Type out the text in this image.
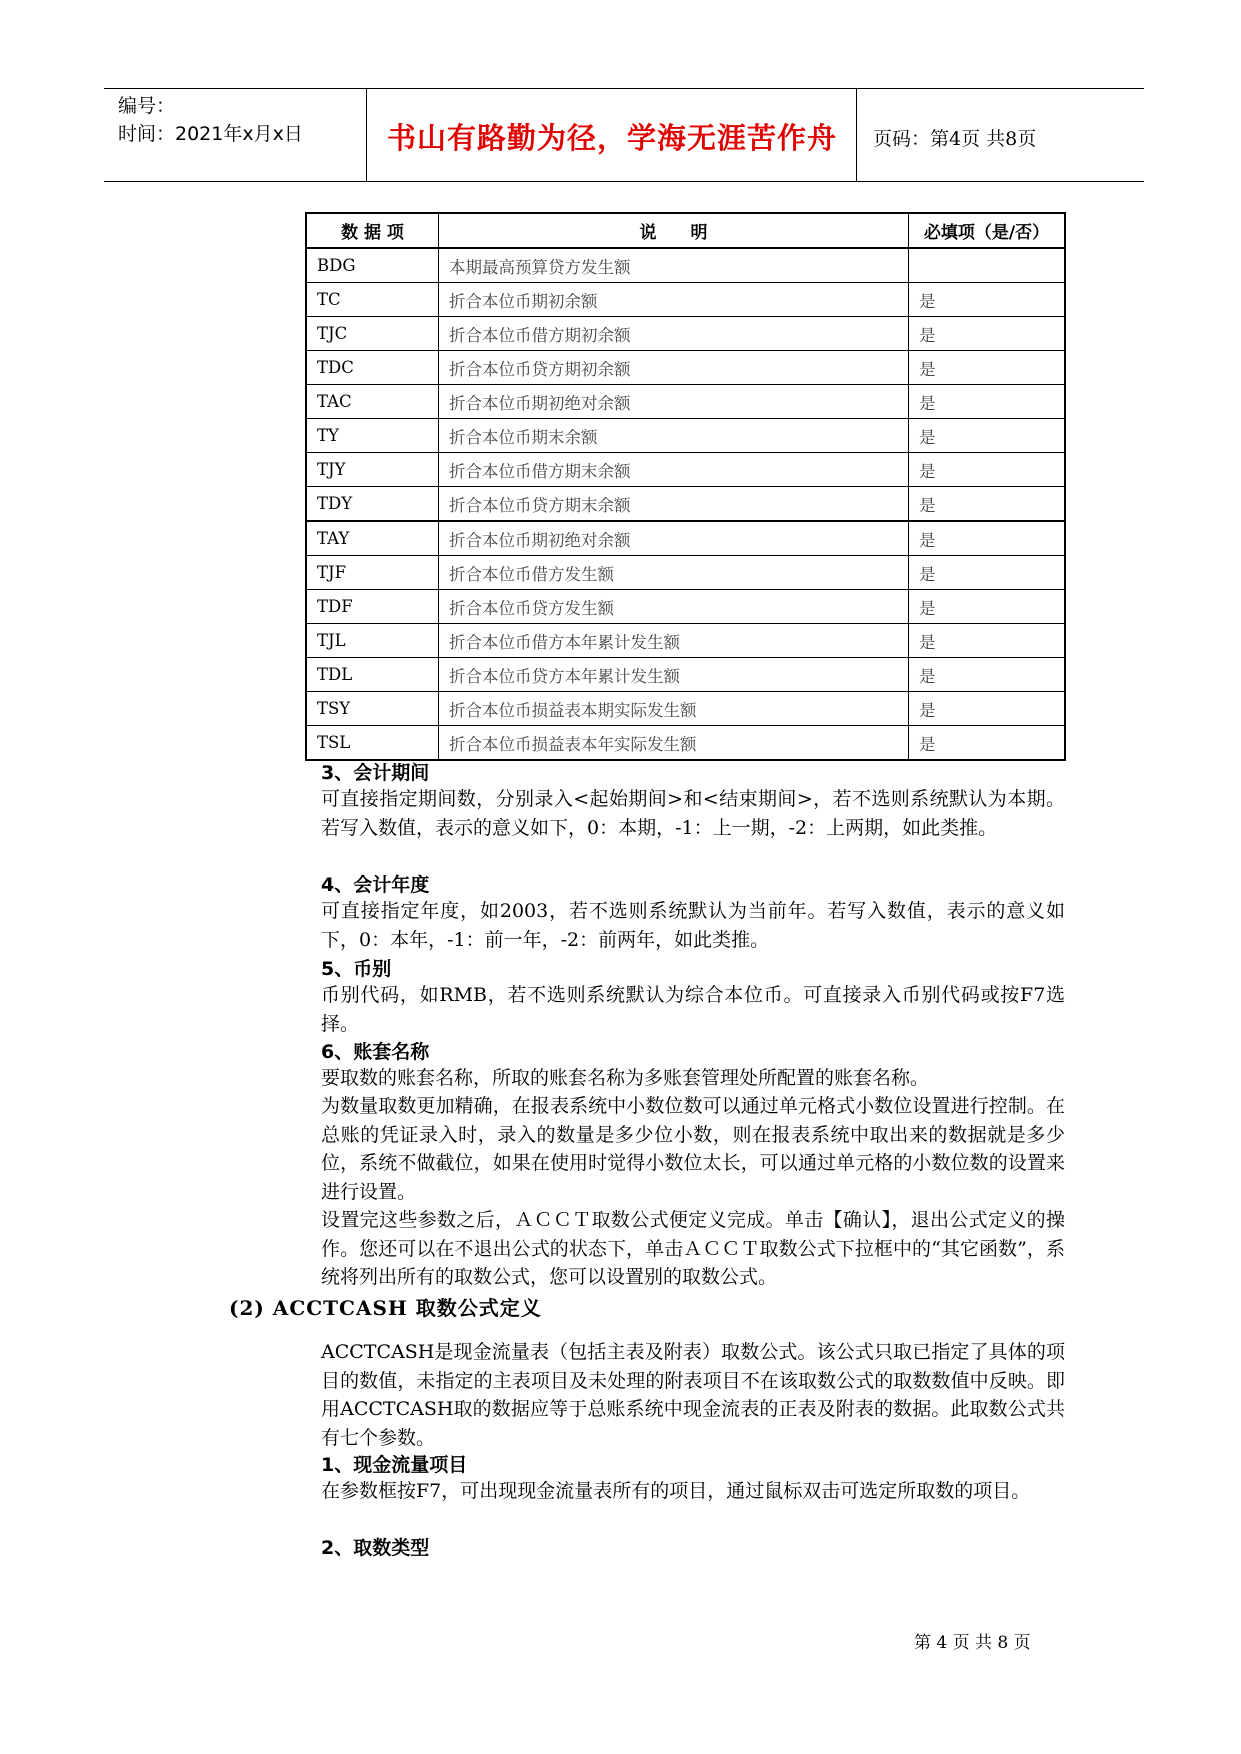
编号：
时间：2021年x月x日	书山有路勤为径，学海无涯苦作舟	页码：第4页 共8页
数 据 项	说　　明	必填项（是/否）
BDG	本期最高预算贷方发生额	
TC	折合本位币期初余额	是
TJC	折合本位币借方期初余额	是
TDC	折合本位币贷方期初余额	是
TAC	折合本位币期初绝对余额	是
TY	折合本位币期末余额	是
TJY	折合本位币借方期末余额	是
TDY	折合本位币贷方期末余额	是
TAY	折合本位币期初绝对余额	是
TJF	折合本位币借方发生额	是
TDF	折合本位币贷方发生额	是
TJL	折合本位币借方本年累计发生额	是
TDL	折合本位币贷方本年累计发生额	是
TSY	折合本位币损益表本期实际发生额	是
TSL	折合本位币损益表本年实际发生额	是
3、会计期间
可直接指定期间数，分别录入<起始期间>和<结束期间>，若不选则系统默认为本期。若写入数值，表示的意义如下，0：本期，-1：上一期，-2：上两期，如此类推。
4、会计年度
可直接指定年度，如2003，若不选则系统默认为当前年。若写入数值，表示的意义如下，0：本年，-1：前一年，-2：前两年，如此类推。
5、币别
币别代码，如RMB，若不选则系统默认为综合本位币。可直接录入币别代码或按F7选择。
6、账套名称
要取数的账套名称，所取的账套名称为多账套管理处所配置的账套名称。
为数量取数更加精确，在报表系统中小数位数可以通过单元格式小数位设置进行控制。在总账的凭证录入时，录入的数量是多少位小数，则在报表系统中取出来的数据就是多少位，系统不做截位，如果在使用时觉得小数位太长，可以通过单元格的小数位数的设置来进行设置。
设置完这些参数之后，ＡＣＣＴ取数公式便定义完成。单击【确认】，退出公式定义的操作。您还可以在不退出公式的状态下，单击ＡＣＣＴ取数公式下拉框中的“其它函数”，系统将列出所有的取数公式，您可以设置别的取数公式。
(2) ACCTCASH 取数公式定义
ACCTCASH是现金流量表（包括主表及附表）取数公式。该公式只取已指定了具体的项目的数值，未指定的主表项目及未处理的附表项目不在该取数公式的取数数值中反映。即用ACCTCASH取的数据应等于总账系统中现金流表的正表及附表的数据。此取数公式共有七个参数。
1、现金流量项目
在参数框按F7，可出现现金流量表所有的项目，通过鼠标双击可选定所取数的项目。
2、取数类型
第 4 页 共 8 页
